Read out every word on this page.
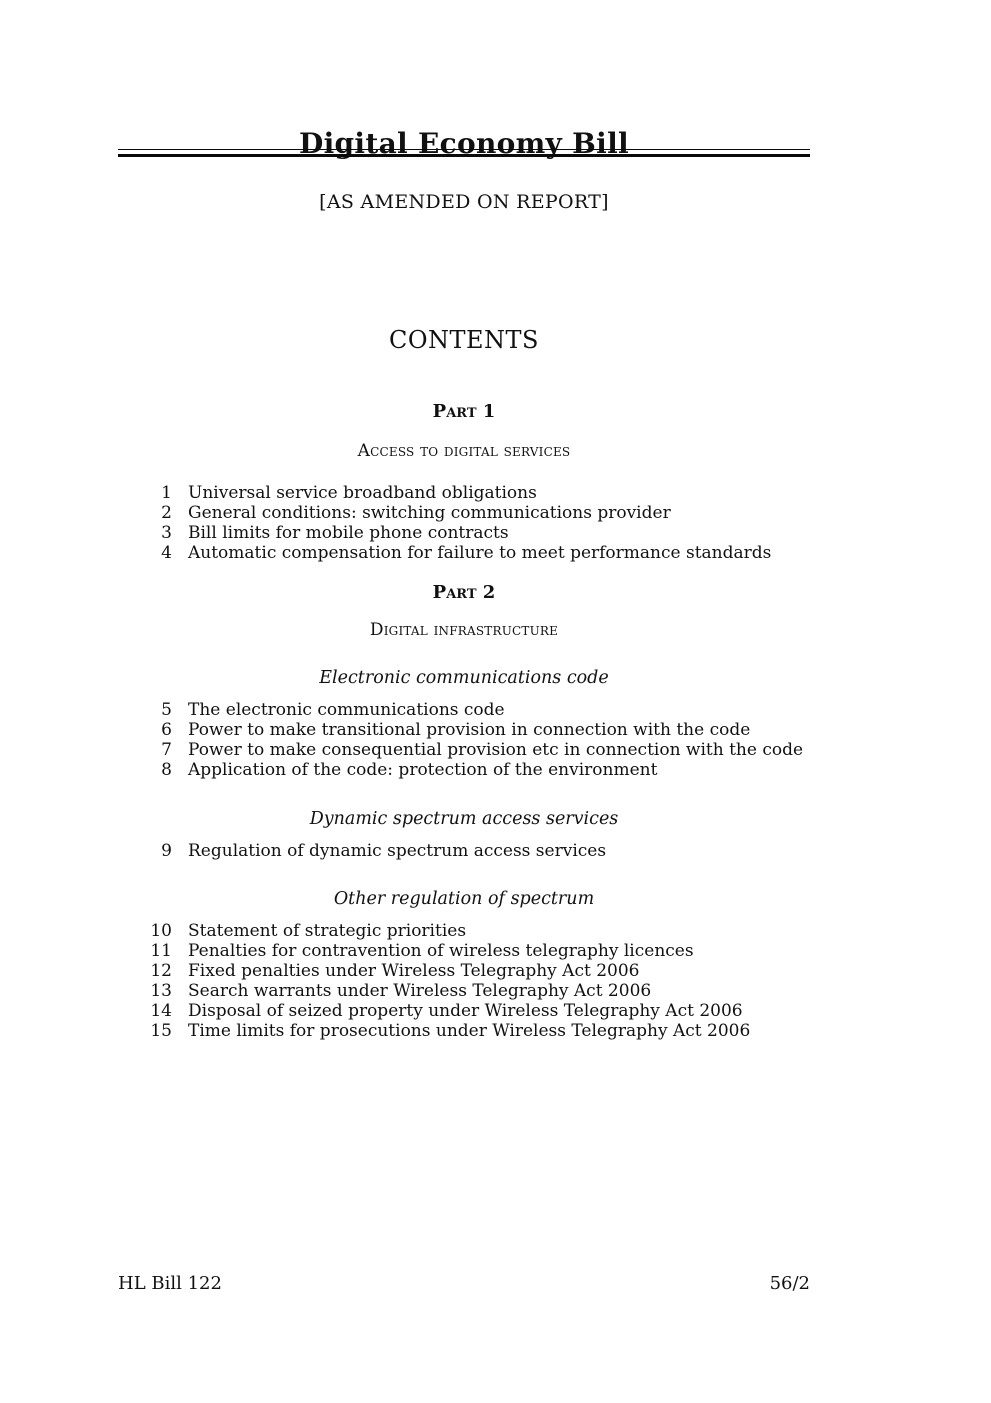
Digital Economy Bill
[AS AMENDED ON REPORT]
CONTENTS
Part 1
Access to digital services
1 Universal service broadband obligations
2 General conditions: switching communications provider
3 Bill limits for mobile phone contracts
4 Automatic compensation for failure to meet performance standards
Part 2
Digital infrastructure
Electronic communications code
5 The electronic communications code
6 Power to make transitional provision in connection with the code
7 Power to make consequential provision etc in connection with the code
8 Application of the code: protection of the environment
Dynamic spectrum access services
9 Regulation of dynamic spectrum access services
Other regulation of spectrum
10 Statement of strategic priorities
11 Penalties for contravention of wireless telegraphy licences
12 Fixed penalties under Wireless Telegraphy Act 2006
13 Search warrants under Wireless Telegraphy Act 2006
14 Disposal of seized property under Wireless Telegraphy Act 2006
15 Time limits for prosecutions under Wireless Telegraphy Act 2006
HL Bill 122	56/2
